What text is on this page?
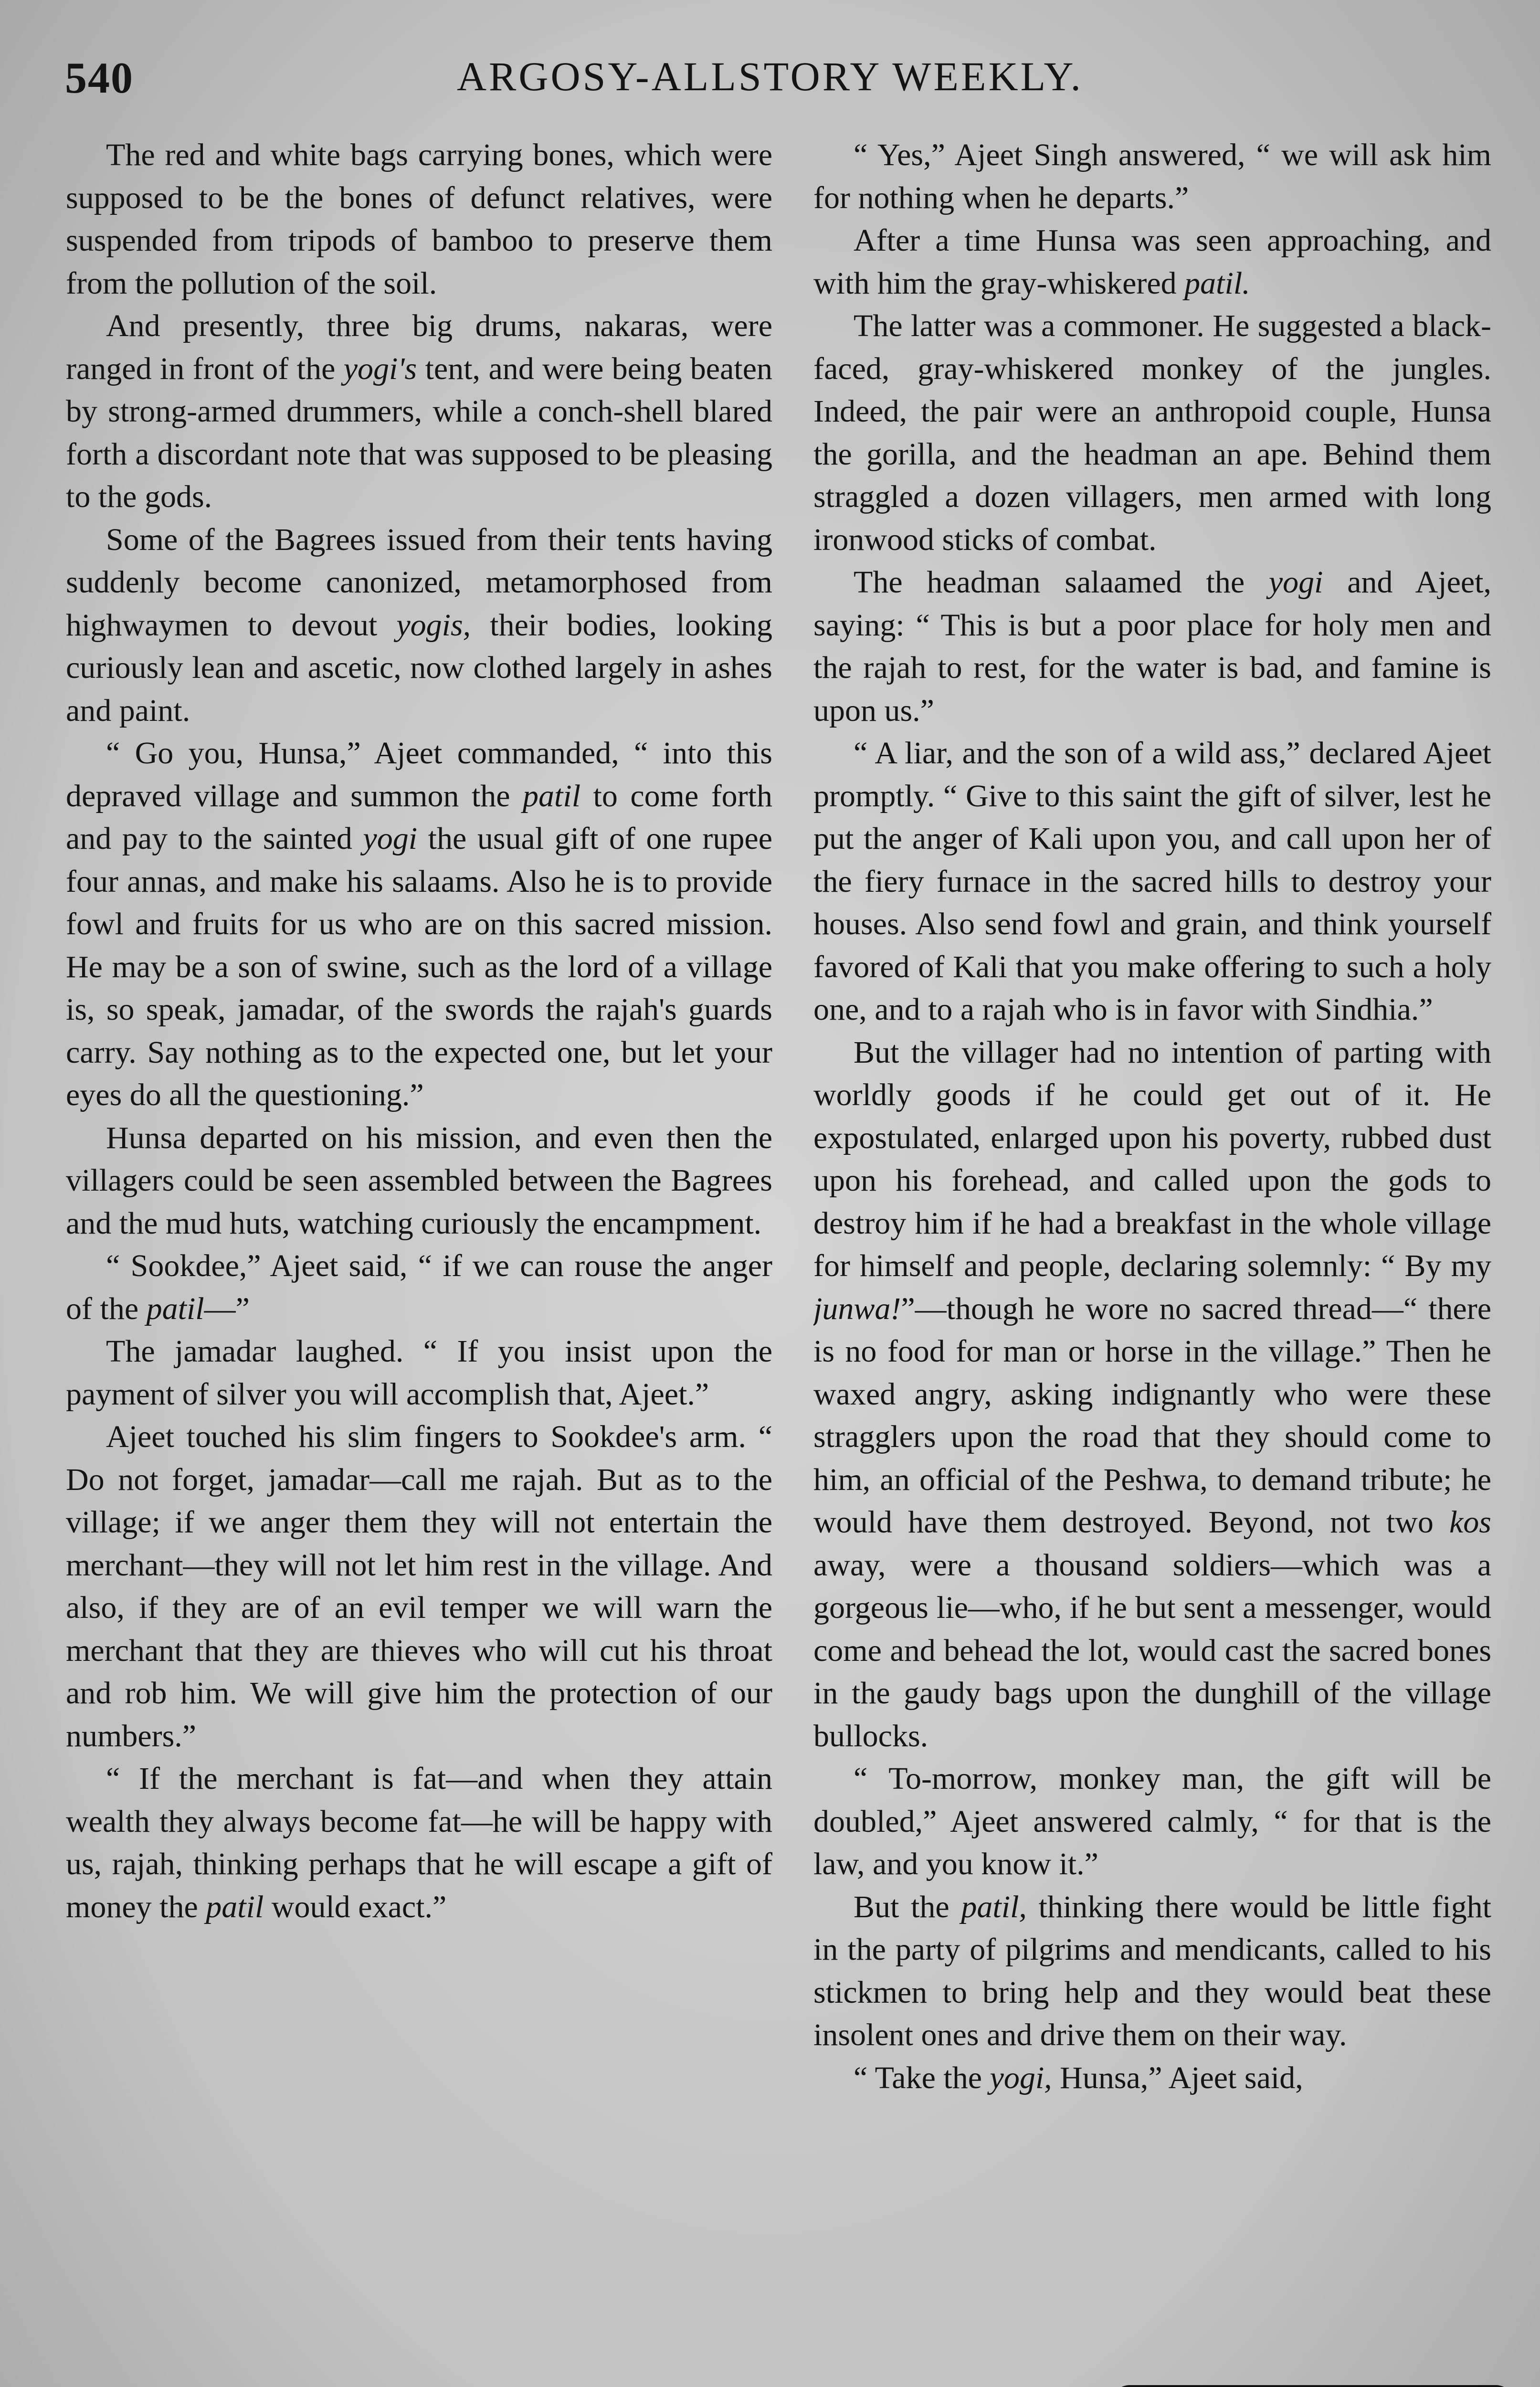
540	ARGOSY-ALLSTORY WEEKLY.

The red and white bags carrying bones, which were supposed to be the bones of defunct relatives, were suspended from tripods of bamboo to preserve them from the pollution of the soil.

And presently, three big drums, nakaras, were ranged in front of the yogi's tent, and were being beaten by strong-armed drummers, while a conch-shell blared forth a discordant note that was supposed to be pleasing to the gods.

Some of the Bagrees issued from their tents having suddenly become canonized, metamorphosed from highwaymen to devout yogis, their bodies, looking curiously lean and ascetic, now clothed largely in ashes and paint.

“ Go you, Hunsa,” Ajeet commanded, “ into this depraved village and summon the patil to come forth and pay to the sainted yogi the usual gift of one rupee four annas, and make his salaams. Also he is to provide fowl and fruits for us who are on this sacred mission. He may be a son of swine, such as the lord of a village is, so speak, jamadar, of the swords the rajah's guards carry. Say nothing as to the expected one, but let your eyes do all the questioning.”

Hunsa departed on his mission, and even then the villagers could be seen assembled between the Bagrees and the mud huts, watching curiously the encampment.

“ Sookdee,” Ajeet said, “ if we can rouse the anger of the patil—”

The jamadar laughed. “ If you insist upon the payment of silver you will accomplish that, Ajeet.”

Ajeet touched his slim fingers to Sookdee's arm. “ Do not forget, jamadar—call me rajah. But as to the village; if we anger them they will not entertain the merchant—they will not let him rest in the village. And also, if they are of an evil temper we will warn the merchant that they are thieves who will cut his throat and rob him. We will give him the protection of our numbers.”

“ If the merchant is fat—and when they attain wealth they always become fat—he will be happy with us, rajah, thinking perhaps that he will escape a gift of money the patil would exact.”

“ Yes,” Ajeet Singh answered, “ we will ask him for nothing when he departs.”

After a time Hunsa was seen approaching, and with him the gray-whiskered patil.

The latter was a commoner. He suggested a black-faced, gray-whiskered monkey of the jungles. Indeed, the pair were an anthropoid couple, Hunsa the gorilla, and the headman an ape. Behind them straggled a dozen villagers, men armed with long ironwood sticks of combat.

The headman salaamed the yogi and Ajeet, saying: “ This is but a poor place for holy men and the rajah to rest, for the water is bad, and famine is upon us.”

“ A liar, and the son of a wild ass,” declared Ajeet promptly. “ Give to this saint the gift of silver, lest he put the anger of Kali upon you, and call upon her of the fiery furnace in the sacred hills to destroy your houses. Also send fowl and grain, and think yourself favored of Kali that you make offering to such a holy one, and to a rajah who is in favor with Sindhia.”

But the villager had no intention of parting with worldly goods if he could get out of it. He expostulated, enlarged upon his poverty, rubbed dust upon his forehead, and called upon the gods to destroy him if he had a breakfast in the whole village for himself and people, declaring solemnly: “ By my junwa!”—though he wore no sacred thread—“ there is no food for man or horse in the village.” Then he waxed angry, asking indignantly who were these stragglers upon the road that they should come to him, an official of the Peshwa, to demand tribute; he would have them destroyed. Beyond, not two kos away, were a thousand soldiers—which was a gorgeous lie—who, if he but sent a messenger, would come and behead the lot, would cast the sacred bones in the gaudy bags upon the dunghill of the village bullocks.

“ To-morrow, monkey man, the gift will be doubled,” Ajeet answered calmly, “ for that is the law, and you know it.”

But the patil, thinking there would be little fight in the party of pilgrims and mendicants, called to his stickmen to bring help and they would beat these insolent ones and drive them on their way.

“ Take the yogi, Hunsa,” Ajeet said,
